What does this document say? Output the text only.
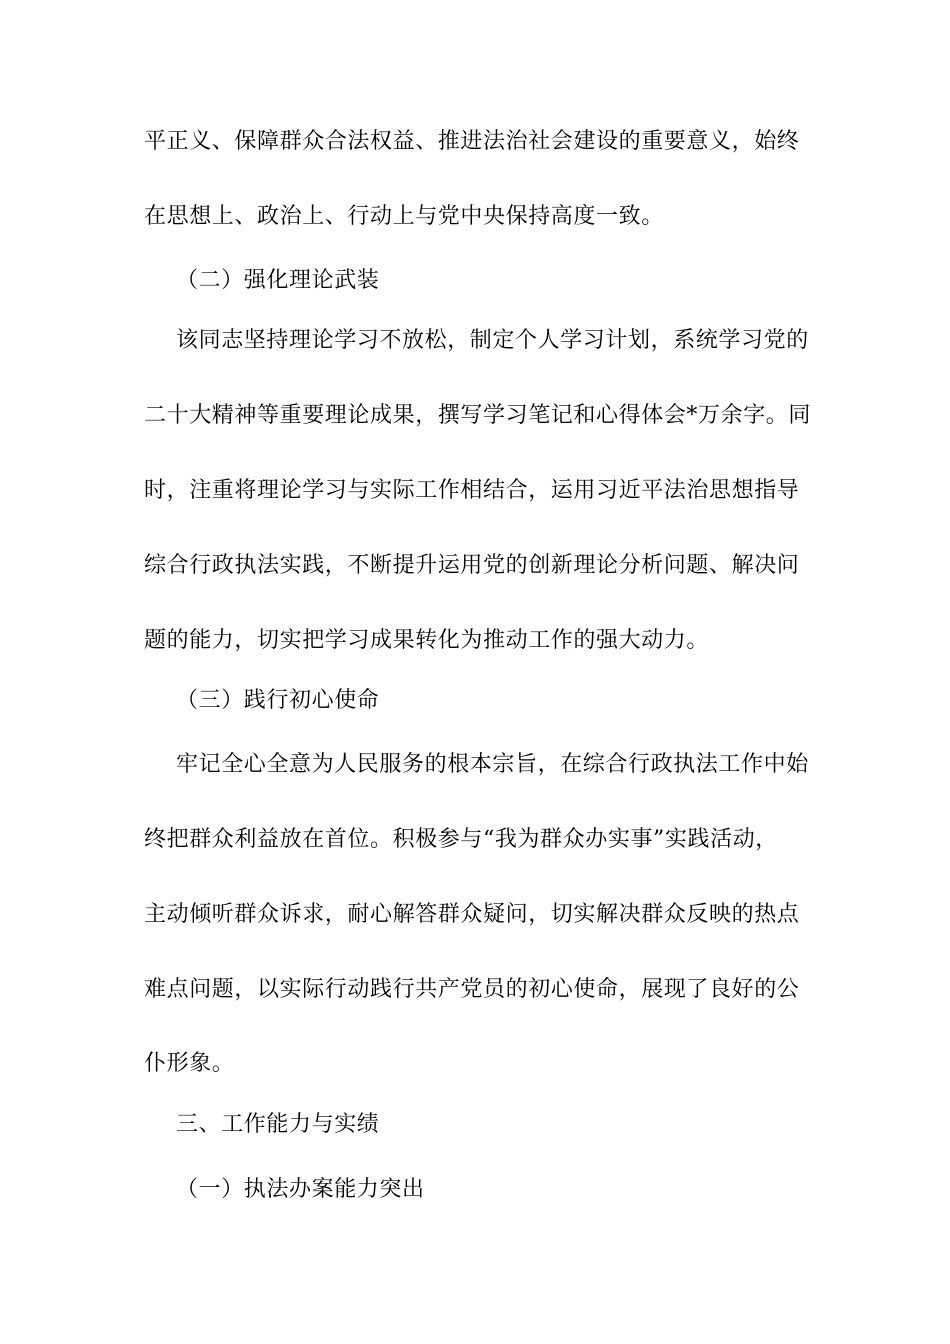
平正义、保障群众合法权益、推进法治社会建设的重要意义，始终
在思想上、政治上、行动上与党中央保持高度一致。
（二）强化理论武装
该同志坚持理论学习不放松，制定个人学习计划，系统学习党的
二十大精神等重要理论成果，撰写学习笔记和心得体会*万余字。同
时，注重将理论学习与实际工作相结合，运用习近平法治思想指导
综合行政执法实践，不断提升运用党的创新理论分析问题、解决问
题的能力，切实把学习成果转化为推动工作的强大动力。
（三）践行初心使命
牢记全心全意为人民服务的根本宗旨，在综合行政执法工作中始
终把群众利益放在首位。积极参与“我为群众办实事”实践活动，
主动倾听群众诉求，耐心解答群众疑问，切实解决群众反映的热点
难点问题，以实际行动践行共产党员的初心使命，展现了良好的公
仆形象。
三、工作能力与实绩
（一）执法办案能力突出
